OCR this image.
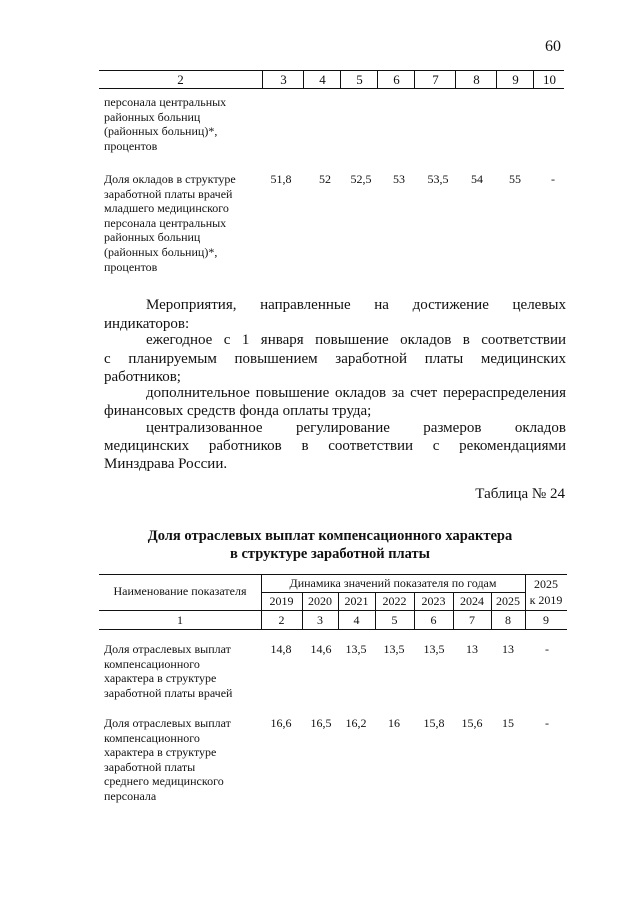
60
2	3	4	5	6	7	8	9	10
персонала центральных
районных больниц
(районных больниц)*,
процентов
Доля окладов в структуре
заработной платы врачей
младшего медицинского
персонала центральных
районных больниц
(районных больниц)*,
процентов
51,8	52	52,5	53	53,5	54	55	-
Мероприятия, направленные на достижение целевых
индикаторов:
ежегодное с 1 января повышение окладов в соответствии
с планируемым повышением заработной платы медицинских
работников;
дополнительное повышение окладов за счет перераспределения
финансовых средств фонда оплаты труда;
централизованное регулирование размеров окладов
медицинских работников в соответствии с рекомендациями
Минздрава России.
Таблица № 24
Доля отраслевых выплат компенсационного характера
в структуре заработной платы
Наименование показателя
Динамика значений показателя по годам	2025
к 2019
2019	2020	2021	2022	2023	2024	2025
1	2	3	4	5	6	7	8	9
Доля отраслевых выплат
компенсационного
характера в структуре
заработной платы врачей
14,8	14,6	13,5	13,5	13,5	13	13	-
Доля отраслевых выплат
компенсационного
характера в структуре
заработной платы
среднего медицинского
персонала
16,6	16,5	16,2	16	15,8	15,6	15	-
